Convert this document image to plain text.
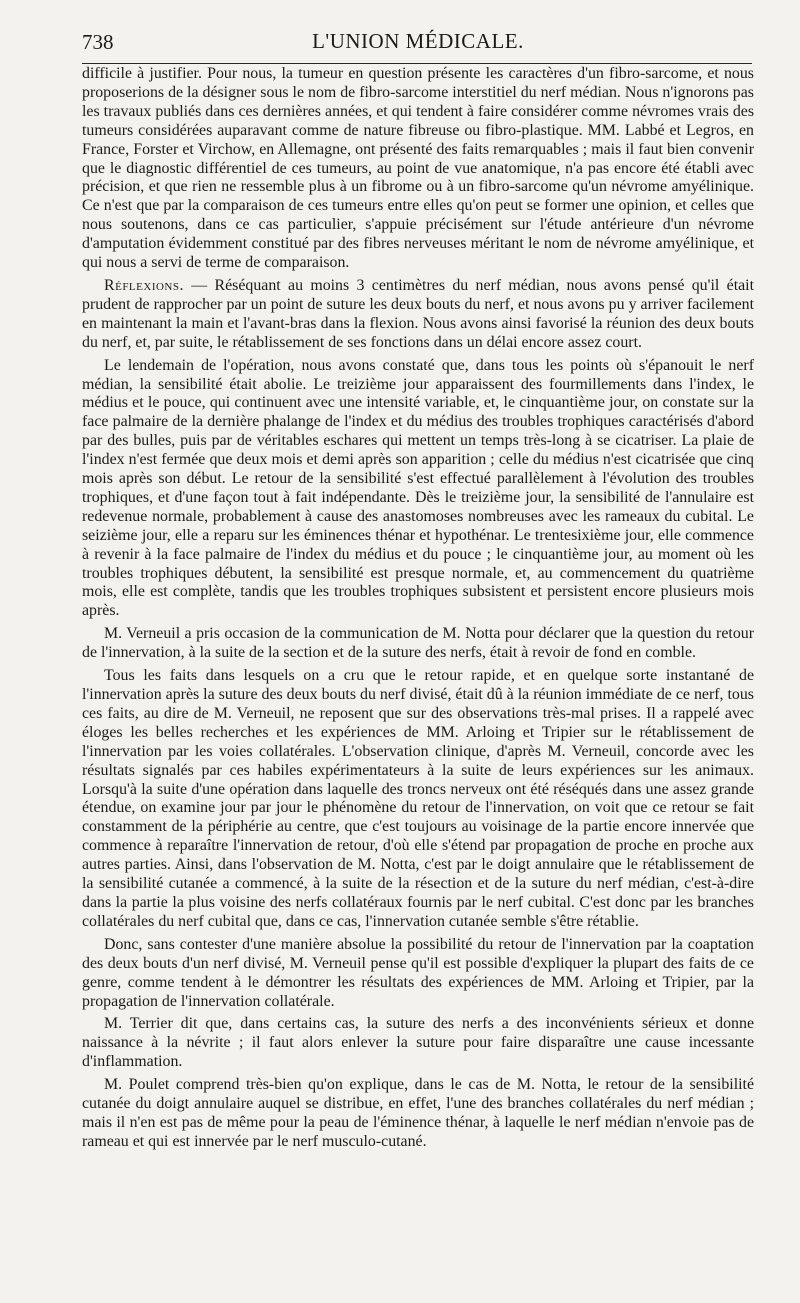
738	L'UNION MÉDICALE.

difficile à justifier. Pour nous, la tumeur en question présente les caractères d'un fibro-sarcome, et nous proposerions de la désigner sous le nom de fibro-sarcome interstitiel du nerf médian. Nous n'ignorons pas les travaux publiés dans ces dernières années, et qui tendent à faire considérer comme névromes vrais des tumeurs considérées auparavant comme de nature fibreuse ou fibro-plastique. MM. Labbé et Legros, en France, Forster et Virchow, en Allemagne, ont présenté des faits remarquables ; mais il faut bien convenir que le diagnostic différentiel de ces tumeurs, au point de vue anatomique, n'a pas encore été établi avec précision, et que rien ne ressemble plus à un fibrome ou à un fibro-sarcome qu'un névrome amyélinique. Ce n'est que par la comparaison de ces tumeurs entre elles qu'on peut se former une opinion, et celles que nous soutenons, dans ce cas particulier, s'appuie précisément sur l'étude antérieure d'un névrome d'amputation évidemment constitué par des fibres nerveuses méritant le nom de névrome amyélinique, et qui nous a servi de terme de comparaison.

Réflexions. — Réséquant au moins 3 centimètres du nerf médian, nous avons pensé qu'il était prudent de rapprocher par un point de suture les deux bouts du nerf, et nous avons pu y arriver facilement en maintenant la main et l'avant-bras dans la flexion. Nous avons ainsi favorisé la réunion des deux bouts du nerf, et, par suite, le rétablissement de ses fonctions dans un délai encore assez court.

Le lendemain de l'opération, nous avons constaté que, dans tous les points où s'épanouit le nerf médian, la sensibilité était abolie. Le treizième jour apparaissent des fourmillements dans l'index, le médius et le pouce, qui continuent avec une intensité variable, et, le cinquantième jour, on constate sur la face palmaire de la dernière phalange de l'index et du médius des troubles trophiques caractérisés d'abord par des bulles, puis par de véritables eschares qui mettent un temps très-long à se cicatriser. La plaie de l'index n'est fermée que deux mois et demi après son apparition ; celle du médius n'est cicatrisée que cinq mois après son début. Le retour de la sensibilité s'est effectué parallèlement à l'évolution des troubles trophiques, et d'une façon tout à fait indépendante. Dès le treizième jour, la sensibilité de l'annulaire est redevenue normale, probablement à cause des anastomoses nombreuses avec les rameaux du cubital. Le seizième jour, elle a reparu sur les éminences thénar et hypothénar. Le trentesixième jour, elle commence à revenir à la face palmaire de l'index du médius et du pouce ; le cinquantième jour, au moment où les troubles trophiques débutent, la sensibilité est presque normale, et, au commencement du quatrième mois, elle est complète, tandis que les troubles trophiques subsistent et persistent encore plusieurs mois après.

M. Verneuil a pris occasion de la communication de M. Notta pour déclarer que la question du retour de l'innervation, à la suite de la section et de la suture des nerfs, était à revoir de fond en comble.

Tous les faits dans lesquels on a cru que le retour rapide, et en quelque sorte instantané de l'innervation après la suture des deux bouts du nerf divisé, était dû à la réunion immédiate de ce nerf, tous ces faits, au dire de M. Verneuil, ne reposent que sur des observations très-mal prises. Il a rappelé avec éloges les belles recherches et les expériences de MM. Arloing et Tripier sur le rétablissement de l'innervation par les voies collatérales. L'observation clinique, d'après M. Verneuil, concorde avec les résultats signalés par ces habiles expérimentateurs à la suite de leurs expériences sur les animaux. Lorsqu'à la suite d'une opération dans laquelle des troncs nerveux ont été réséqués dans une assez grande étendue, on examine jour par jour le phénomène du retour de l'innervation, on voit que ce retour se fait constamment de la périphérie au centre, que c'est toujours au voisinage de la partie encore innervée que commence à reparaître l'innervation de retour, d'où elle s'étend par propagation de proche en proche aux autres parties. Ainsi, dans l'observation de M. Notta, c'est par le doigt annulaire que le rétablissement de la sensibilité cutanée a commencé, à la suite de la résection et de la suture du nerf médian, c'est-à-dire dans la partie la plus voisine des nerfs collatéraux fournis par le nerf cubital. C'est donc par les branches collatérales du nerf cubital que, dans ce cas, l'innervation cutanée semble s'être rétablie.

Donc, sans contester d'une manière absolue la possibilité du retour de l'innervation par la coaptation des deux bouts d'un nerf divisé, M. Verneuil pense qu'il est possible d'expliquer la plupart des faits de ce genre, comme tendent à le démontrer les résultats des expériences de MM. Arloing et Tripier, par la propagation de l'innervation collatérale.

M. Terrier dit que, dans certains cas, la suture des nerfs a des inconvénients sérieux et donne naissance à la névrite ; il faut alors enlever la suture pour faire disparaître une cause incessante d'inflammation.

M. Poulet comprend très-bien qu'on explique, dans le cas de M. Notta, le retour de la sensibilité cutanée du doigt annulaire auquel se distribue, en effet, l'une des branches collatérales du nerf médian ; mais il n'en est pas de même pour la peau de l'éminence thénar, à laquelle le nerf médian n'envoie pas de rameau et qui est innervée par le nerf musculo-cutané.
